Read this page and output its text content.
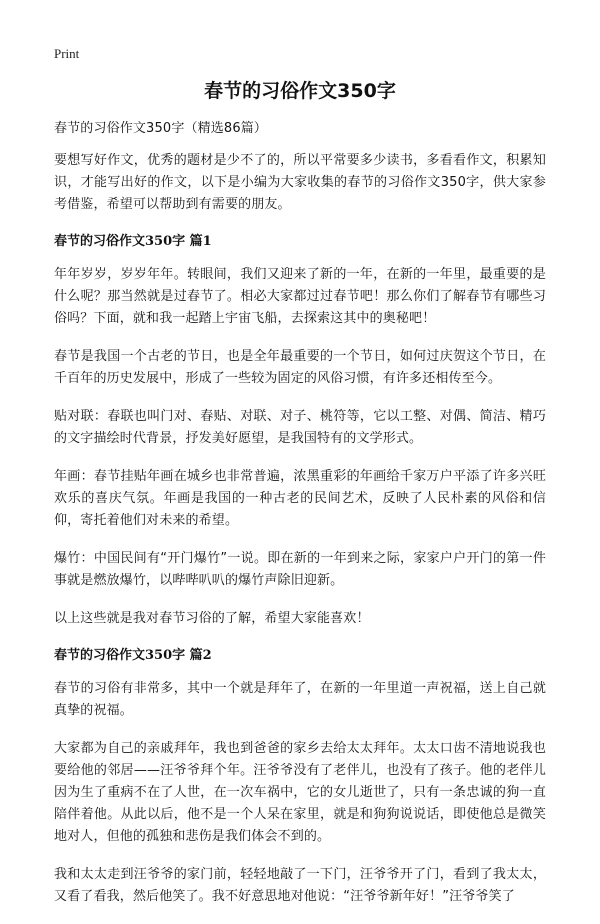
Print
春节的习俗作文350字

春节的习俗作文350字（精选86篇）

要想写好作文，优秀的题材是少不了的，所以平常要多少读书，多看看作文，积累知识，才能写出好的作文，以下是小编为大家收集的春节的习俗作文350字，供大家参考借鉴，希望可以帮助到有需要的朋友。

春节的习俗作文350字 篇1

年年岁岁，岁岁年年。转眼间，我们又迎来了新的一年，在新的一年里，最重要的是什么呢？那当然就是过春节了。相必大家都过过春节吧！那么你们了解春节有哪些习俗吗？下面，就和我一起踏上宇宙飞船，去探索这其中的奥秘吧！

春节是我国一个古老的节日，也是全年最重要的一个节日，如何过庆贺这个节日，在千百年的历史发展中，形成了一些较为固定的风俗习惯，有许多还相传至今。

贴对联：春联也叫门对、春贴、对联、对子、桃符等，它以工整、对偶、简洁、精巧的文字描绘时代背景，抒发美好愿望，是我国特有的文学形式。

年画：春节挂贴年画在城乡也非常普遍，浓黑重彩的年画给千家万户平添了许多兴旺欢乐的喜庆气氛。年画是我国的一种古老的民间艺术，反映了人民朴素的风俗和信仰，寄托着他们对未来的希望。

爆竹：中国民间有“开门爆竹”一说。即在新的一年到来之际，家家户户开门的第一件事就是燃放爆竹，以哔哔叭叭的爆竹声除旧迎新。

以上这些就是我对春节习俗的了解，希望大家能喜欢！

春节的习俗作文350字 篇2

春节的习俗有非常多，其中一个就是拜年了，在新的一年里道一声祝福，送上自己就真挚的祝福。

大家都为自己的亲戚拜年，我也到爸爸的家乡去给太太拜年。太太口齿不清地说我也要给他的邻居——汪爷爷拜个年。汪爷爷没有了老伴儿，也没有了孩子。他的老伴儿因为生了重病不在了人世，在一次车祸中，它的女儿逝世了，只有一条忠诚的狗一直陪伴着他。从此以后，他不是一个人呆在家里，就是和狗狗说说话，即使他总是微笑地对人，但他的孤独和悲伤是我们体会不到的。

我和太太走到汪爷爷的家门前，轻轻地敲了一下门，汪爷爷开了门，看到了我太太，又看了看我，然后他笑了。我不好意思地对他说：“汪爷爷新年好！”汪爷爷笑了
